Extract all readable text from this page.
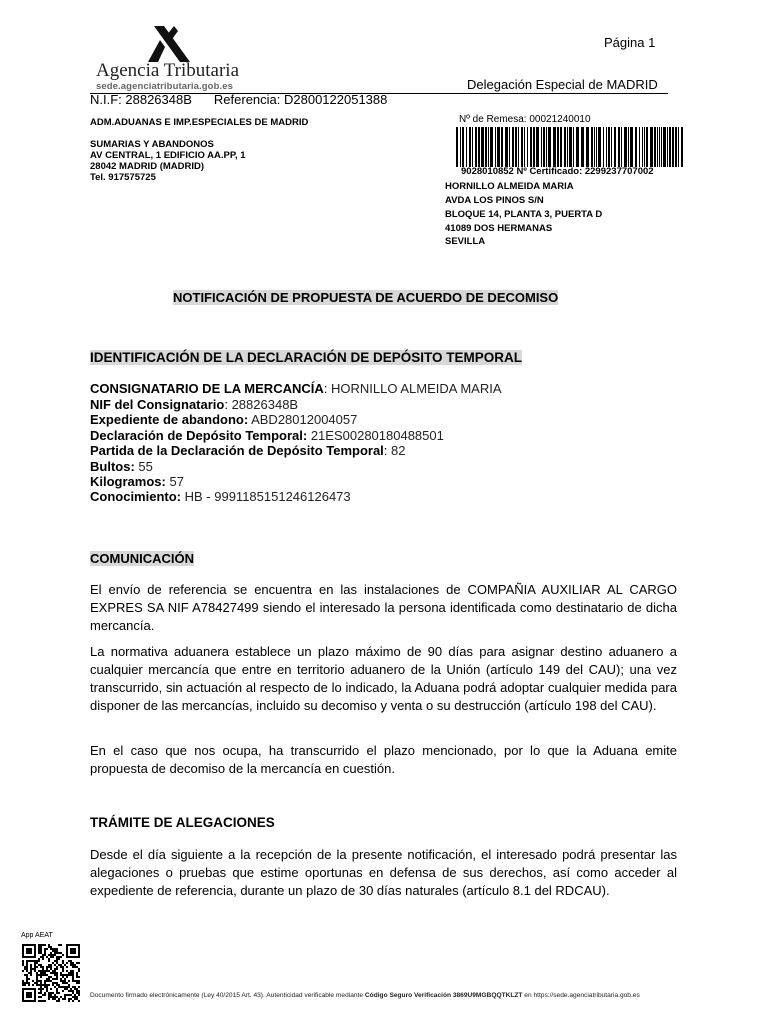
Agencia Tributaria
sede.agenciatributaria.gob.es
Página 1
Delegación Especial de MADRID
N.I.F: 28826348B Referencia: D2800122051388
ADM.ADUANAS E IMP.ESPECIALES DE MADRID
SUMARIAS Y ABANDONOS
AV CENTRAL, 1 EDIFICIO AA.PP, 1
28042 MADRID (MADRID)
Tel. 917575725
Nº de Remesa: 00021240010
9028010852 Nº Certificado: 2299237707002
HORNILLO ALMEIDA MARIA
AVDA LOS PINOS S/N
BLOQUE 14, PLANTA 3, PUERTA D
41089 DOS HERMANAS
SEVILLA
NOTIFICACIÓN DE PROPUESTA DE ACUERDO DE DECOMISO
IDENTIFICACIÓN DE LA DECLARACIÓN DE DEPÓSITO TEMPORAL
CONSIGNATARIO DE LA MERCANCÍA: HORNILLO ALMEIDA MARIA
NIF del Consignatario: 28826348B
Expediente de abandono: ABD28012004057
Declaración de Depósito Temporal: 21ES00280180488501
Partida de la Declaración de Depósito Temporal: 82
Bultos: 55
Kilogramos: 57
Conocimiento: HB - 9991185151246126473
COMUNICACIÓN
El envío de referencia se encuentra en las instalaciones de COMPAÑIA AUXILIAR AL CARGO EXPRES SA NIF A78427499 siendo el interesado la persona identificada como destinatario de dicha mercancía.
La normativa aduanera establece un plazo máximo de 90 días para asignar destino aduanero a cualquier mercancía que entre en territorio aduanero de la Unión (artículo 149 del CAU); una vez transcurrido, sin actuación al respecto de lo indicado, la Aduana podrá adoptar cualquier medida para disponer de las mercancías, incluido su decomiso y venta o su destrucción (artículo 198 del CAU).
En el caso que nos ocupa, ha transcurrido el plazo mencionado, por lo que la Aduana emite propuesta de decomiso de la mercancía en cuestión.
TRÁMITE DE ALEGACIONES
Desde el día siguiente a la recepción de la presente notificación, el interesado podrá presentar las alegaciones o pruebas que estime oportunas en defensa de sus derechos, así como acceder al expediente de referencia, durante un plazo de 30 días naturales (artículo 8.1 del RDCAU).
App AEAT
Documento firmado electrónicamente (Ley 40/2015 Art. 43). Autenticidad verificable mediante Código Seguro Verificación 3869U9MGBQQTKLZT en https://sede.agenciatributaria.gob.es
